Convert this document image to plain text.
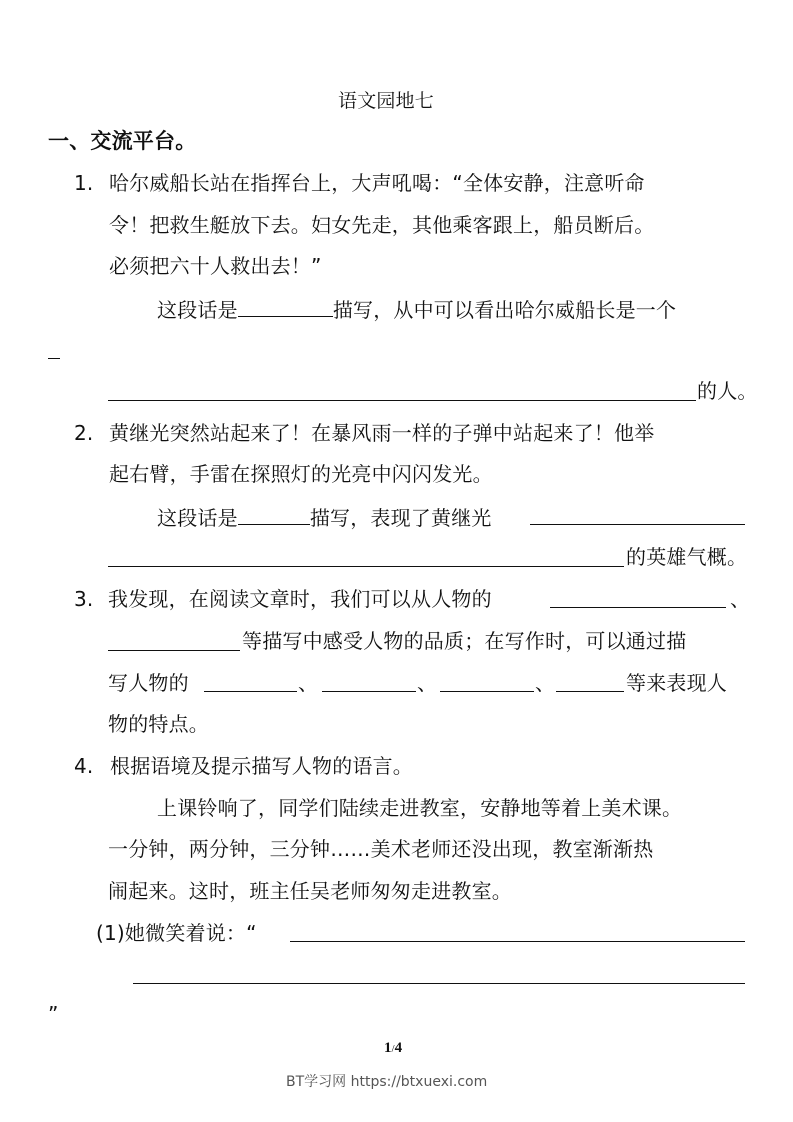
语文园地七
一、交流平台。
1. 哈尔威船长站在指挥台上，大声吼喝：“全体安静，注意听命
令！把救生艇放下去。妇女先走，其他乘客跟上，船员断后。
必须把六十人救出去！”
这段话是	描写，从中可以看出哈尔威船长是一个
的人。
2. 黄继光突然站起来了！在暴风雨一样的子弹中站起来了！他举
起右臂，手雷在探照灯的光亮中闪闪发光。
这段话是	描写，表现了黄继光
的英雄气概。
3. 我发现，在阅读文章时，我们可以从人物的	、
等描写中感受人物的品质；在写作时，可以通过描
写人物的	、	、	、	等来表现人
物的特点。
4. 根据语境及提示描写人物的语言。
上课铃响了，同学们陆续走进教室，安静地等着上美术课。
一分钟，两分钟，三分钟……美术老师还没出现，教室渐渐热
闹起来。这时，班主任吴老师匆匆走进教室。
(1)她微笑着说：“
”
1/4
BT学习网 https://btxuexi.com
